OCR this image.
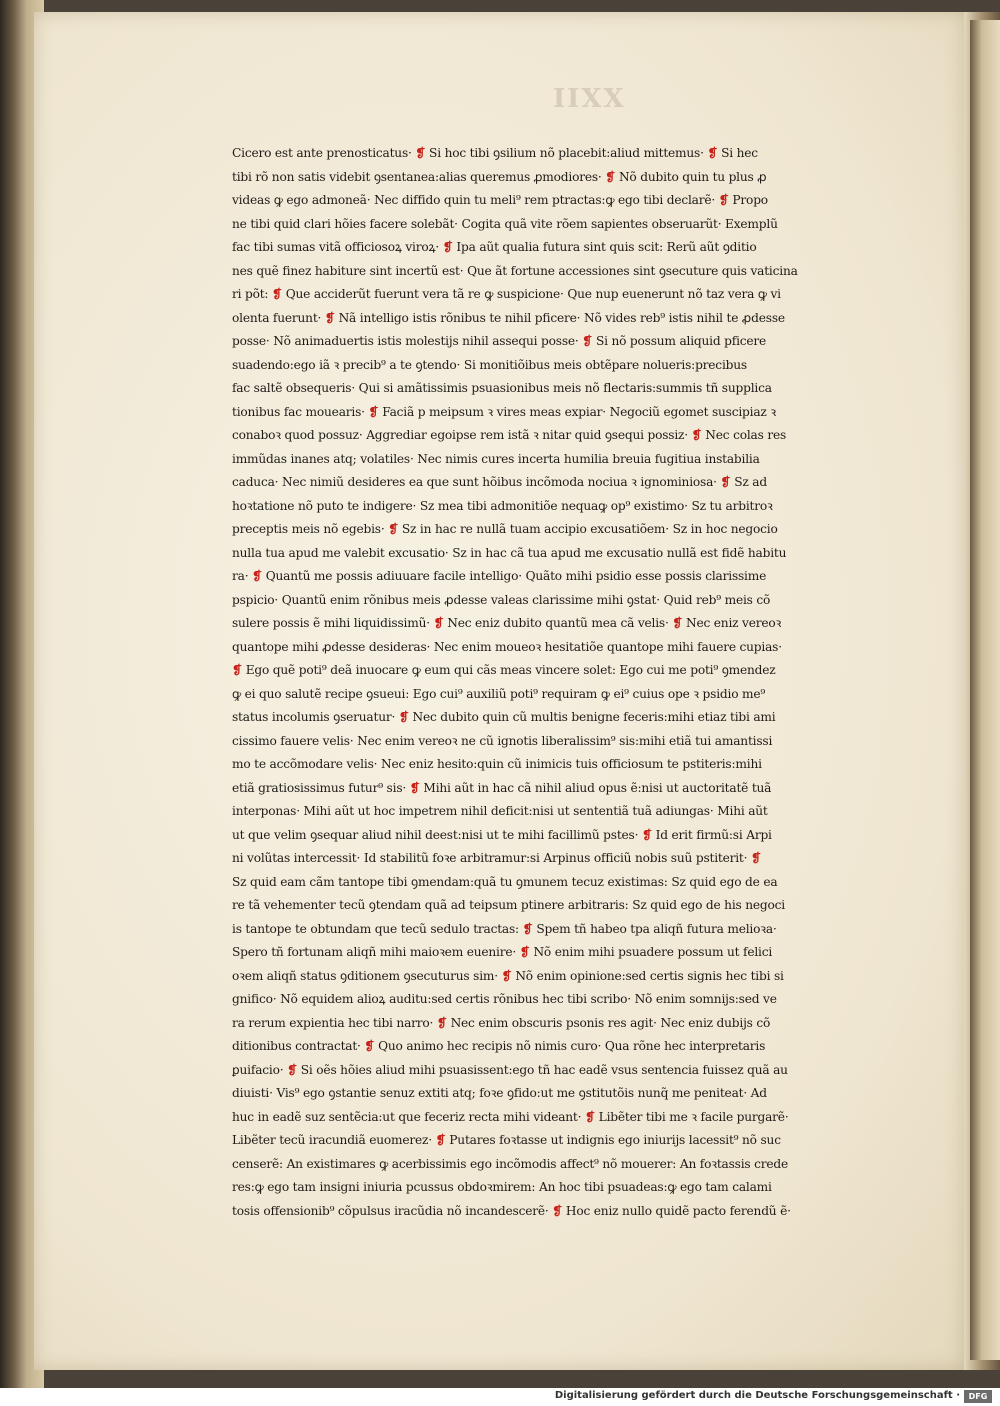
IIXX
Cicero est ante prenosticatus· ❡ Si hoc tibi ꝯsilium nõ placebit:aliud mittemus· ❡ Si hec
tibi rõ non satis videbit ꝯsentanea:alias queremus ꝓmodiores· ❡ Nõ dubito quin tu plus ꝓ
videas ꝙ ego admoneã· Nec diffido quin tu meli⁹ rem ptractas:ꝙ ego tibi declarẽ· ❡ Propo
ne tibi quid clari hõies facere solebãt· Cogita quã vite rõem sapientes obseruarũt· Exemplũ
fac tibi sumas vitã officiosoꝝ viroꝝ· ❡ Ipa aũt qualia futura sint quis scit: Rerũ aũt ꝯditio
nes quẽ finez habiture sint incertũ est· Que ãt fortune accessiones sint ꝯsecuture quis vaticina
ri põt: ❡ Que acciderũt fuerunt vera tã re ꝙ suspicione· Que nup euenerunt nõ taz vera ꝙ vi
olenta fuerunt· ❡ Nã intelligo istis rõnibus te nihil pficere· Nõ vides reb⁹ istis nihil te ꝓdesse
posse· Nõ animaduertis istis molestijs nihil assequi posse· ❡ Si nõ possum aliquid pficere
suadendo:ego iã ꝛ precib⁹ a te ꝯtendo· Si monitiõibus meis obtẽpare nolueris:precibus
fac saltẽ obsequeris· Qui si amãtissimis psuasionibus meis nõ flectaris:summis tñ supplica
tionibus fac mouearis· ❡ Faciã p meipsum ꝛ vires meas expiar· Negociũ egomet suscipiaz ꝛ
conaboꝛ quod possuz· Aggrediar egoipse rem istã ꝛ nitar quid ꝯsequi possiz· ❡ Nec colas res
immũdas inanes atq; volatiles· Nec nimis cures incerta humilia breuia fugitiua instabilia
caduca· Nec nimiũ desideres ea que sunt hõibus incõmoda nociua ꝛ ignominiosa· ❡ Sz ad
hoꝛtatione nõ puto te indigere· Sz mea tibi admonitiõe nequaꝙ op⁹ existimo· Sz tu arbitroꝛ
preceptis meis nõ egebis· ❡ Sz in hac re nullã tuam accipio excusatiõem· Sz in hoc negocio
nulla tua apud me valebit excusatio· Sz in hac cã tua apud me excusatio nullã est fidẽ habitu
ra· ❡ Quantũ me possis adiuuare facile intelligo· Quãto mihi psidio esse possis clarissime
pspicio· Quantũ enim rõnibus meis ꝓdesse valeas clarissime mihi ꝯstat· Quid reb⁹ meis cõ
sulere possis ẽ mihi liquidissimũ· ❡ Nec eniz dubito quantũ mea cã velis· ❡ Nec eniz vereoꝛ
quantope mihi ꝓdesse desideras· Nec enim moueoꝛ hesitatiõe quantope mihi fauere cupias·
❡ Ego quẽ poti⁹ deã inuocare ꝙ eum qui cãs meas vincere solet: Ego cui me poti⁹ ꝯmendez
ꝙ ei quo salutẽ recipe ꝯsueui: Ego cui⁹ auxiliũ poti⁹ requiram ꝙ ei⁹ cuius ope ꝛ psidio me⁹
status incolumis ꝯseruatur· ❡ Nec dubito quin cũ multis benigne feceris:mihi etiaz tibi ami
cissimo fauere velis· Nec enim vereoꝛ ne cũ ignotis liberalissim⁹ sis:mihi etiã tui amantissi
mo te accõmodare velis· Nec eniz hesito:quin cũ inimicis tuis officiosum te pstiteris:mihi
etiã gratiosissimus futur⁹ sis· ❡ Mihi aũt in hac cã nihil aliud opus ẽ:nisi ut auctoritatẽ tuã
interponas· Mihi aũt ut hoc impetrem nihil deficit:nisi ut sententiã tuã adiungas· Mihi aũt
ut que velim ꝯsequar aliud nihil deest:nisi ut te mihi facillimũ pstes· ❡ Id erit firmũ:si Arpi
ni volũtas intercessit· Id stabilitũ foꝛe arbitramur:si Arpinus officiũ nobis suũ pstiterit· ❡
Sz quid eam cãm tantope tibi ꝯmendam:quã tu ꝯmunem tecuz existimas: Sz quid ego de ea
re tã vehementer tecũ ꝯtendam quã ad teipsum ptinere arbitraris: Sz quid ego de his negoci
is tantope te obtundam que tecũ sedulo tractas: ❡ Spem tñ habeo tpa aliqñ futura melioꝛa·
Spero tñ fortunam aliqñ mihi maioꝛem euenire· ❡ Nõ enim mihi psuadere possum ut felici
oꝛem aliqñ status ꝯditionem ꝯsecuturus sim· ❡ Nõ enim opinione:sed certis signis hec tibi si
gnifico· Nõ equidem alioꝝ auditu:sed certis rõnibus hec tibi scribo· Nõ enim somnijs:sed ve
ra rerum expientia hec tibi narro· ❡ Nec enim obscuris psonis res agit· Nec eniz dubijs cõ
ditionibus contractat· ❡ Quo animo hec recipis nõ nimis curo· Qua rõne hec interpretaris
ꝑuifacio· ❡ Si oẽs hõies aliud mihi psuasissent:ego tñ hac eadẽ vsus sentencia fuissez quã au
diuisti· Vis⁹ ego ꝯstantie senuz extiti atq; foꝛe ꝯfido:ut me ꝯstitutõis nunq̃ me peniteat· Ad
huc in eadẽ suz sentẽcia:ut que feceriz recta mihi videant· ❡ Libẽter tibi me ꝛ facile purgarẽ·
Libẽter tecũ iracundiã euomerez· ❡ Putares foꝛtasse ut indignis ego iniurijs lacessit⁹ nõ suc
censerẽ: An existimares ꝙ acerbissimis ego incõmodis affect⁹ nõ mouerer: An foꝛtassis crede
res:ꝙ ego tam insigni iniuria pcussus obdoꝛmirem: An hoc tibi psuadeas:ꝙ ego tam calami
tosis offensionib⁹ cõpulsus iracũdia nõ incandescerẽ· ❡ Hoc eniz nullo quidẽ pacto ferendũ ẽ·
Digitalisierung gefördert durch die Deutsche Forschungsgemeinschaft ·	DFG
